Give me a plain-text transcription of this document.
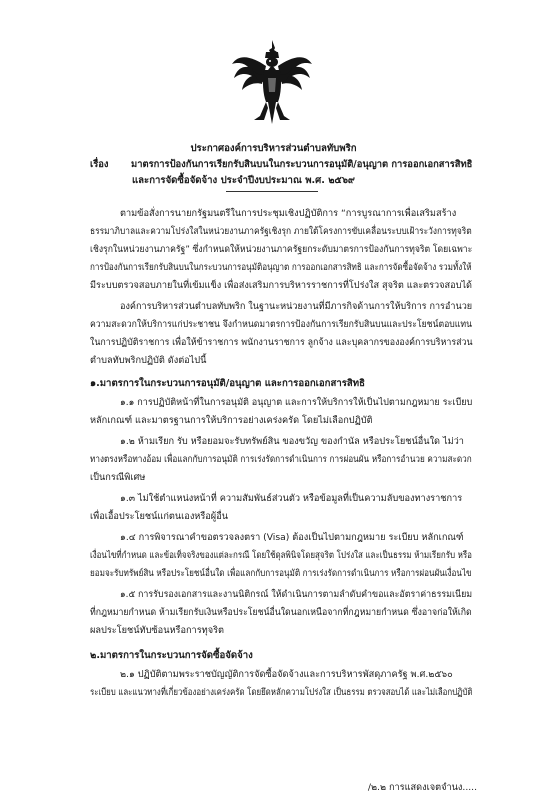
ประกาศองค์การบริหารส่วนตำบลทับพริก
เรื่อง มาตรการป้องกันการเรียกรับสินบนในกระบวนการอนุมัติ/อนุญาต การออกเอกสารสิทธิ
และการจัดซื้อจัดจ้าง ประจำปีงบประมาณ พ.ศ. ๒๕๖๙
ตามข้อสั่งการนายกรัฐมนตรีในการประชุมเชิงปฏิบัติการ “การบูรณาการเพื่อเสริมสร้าง
ธรรมาภิบาลและความโปร่งใสในหน่วยงานภาครัฐเชิงรุก ภายใต้โครงการขับเคลื่อนระบบเฝ้าระวังการทุจริต
เชิงรุกในหน่วยงานภาครัฐ” ซึ่งกำหนดให้หน่วยงานภาครัฐยกระดับมาตรการป้องกันการทุจริต โดยเฉพาะ
การป้องกันการเรียกรับสินบนในกระบวนการอนุมัติอนุญาต การออกเอกสารสิทธิ และการจัดซื้อจัดจ้าง รวมทั้งให้
มีระบบตรวจสอบภายในที่เข้มแข็ง เพื่อส่งเสริมการบริหารราชการที่โปร่งใส สุจริต และตรวจสอบได้
องค์การบริหารส่วนตำบลทับพริก ในฐานะหน่วยงานที่มีภารกิจด้านการให้บริการ การอำนวย
ความสะดวกให้บริการแก่ประชาชน จึงกำหนดมาตรการป้องกันการเรียกรับสินบนและประโยชน์ตอบแทน
ในการปฏิบัติราชการ เพื่อให้ข้าราชการ พนักงานราชการ ลูกจ้าง และบุคลากรขององค์การบริหารส่วน
ตำบลทับพริกปฏิบัติ ดังต่อไปนี้
๑.มาตรการในกระบวนการอนุมัติ/อนุญาต และการออกเอกสารสิทธิ
๑.๑ การปฏิบัติหน้าที่ในการอนุมัติ อนุญาต และการให้บริการให้เป็นไปตามกฎหมาย ระเบียบ
หลักเกณฑ์ และมาตรฐานการให้บริการอย่างเคร่งครัด โดยไม่เลือกปฏิบัติ
๑.๒ ห้ามเรียก รับ หรือยอมจะรับทรัพย์สิน ของขวัญ ของกำนัล หรือประโยชน์อื่นใด ไม่ว่า
ทางตรงหรือทางอ้อม เพื่อแลกกับการอนุมัติ การเร่งรัดการดำเนินการ การผ่อนผัน หรือการอำนวย ความสะดวก
เป็นกรณีพิเศษ
๑.๓ ไม่ใช้ตำแหน่งหน้าที่ ความสัมพันธ์ส่วนตัว หรือข้อมูลที่เป็นความลับของทางราชการ
เพื่อเอื้อประโยชน์แก่ตนเองหรือผู้อื่น
๑.๔ การพิจารณาคำขอตรวจลงตรา (Visa) ต้องเป็นไปตามกฎหมาย ระเบียบ หลักเกณฑ์
เงื่อนไขที่กำหนด และข้อเท็จจริงของแต่ละกรณี โดยใช้ดุลพินิจโดยสุจริต โปร่งใส และเป็นธรรม ห้ามเรียกรับ หรือ
ยอมจะรับทรัพย์สิน หรือประโยชน์อื่นใด เพื่อแลกกับการอนุมัติ การเร่งรัดการดำเนินการ หรือการผ่อนผันเงื่อนไข
๑.๕ การรับรองเอกสารและงานนิติกรณ์ ให้ดำเนินการตามลำดับคำขอและอัตราค่าธรรมเนียม
ที่กฎหมายกำหนด ห้ามเรียกรับเงินหรือประโยชน์อื่นใดนอกเหนือจากที่กฎหมายกำหนด ซึ่งอาจก่อให้เกิด
ผลประโยชน์ทับซ้อนหรือการทุจริต
๒.มาตรการในกระบวนการจัดซื้อจัดจ้าง
๒.๑ ปฏิบัติตามพระราชบัญญัติการจัดซื้อจัดจ้างและการบริหารพัสดุภาครัฐ พ.ศ.๒๕๖๐
ระเบียบ และแนวทางที่เกี่ยวข้องอย่างเคร่งครัด โดยยึดหลักความโปร่งใส เป็นธรรม ตรวจสอบได้ และไม่เลือกปฏิบัติ
/๒.๒ การแสดงเจตจำนง.....
